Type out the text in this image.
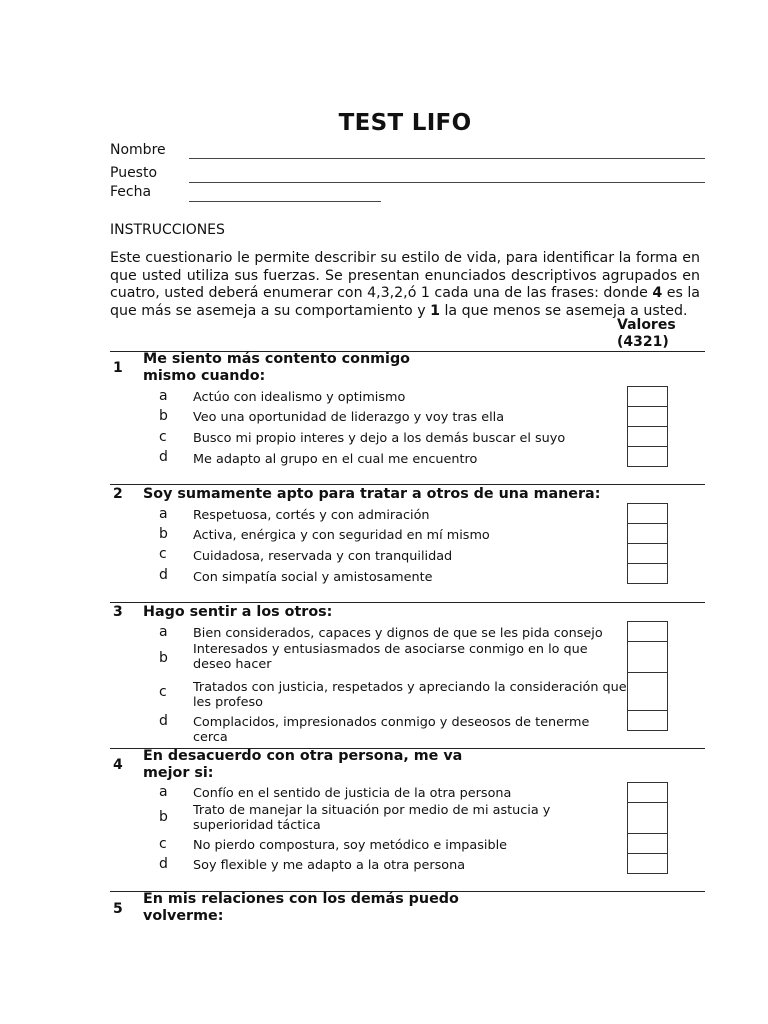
TEST LIFO
Nombre
Puesto
Fecha
INSTRUCCIONES
Este cuestionario le permite describir su estilo de vida, para identificar la forma en que usted utiliza sus fuerzas. Se presentan enunciados descriptivos agrupados en cuatro, usted deberá enumerar con 4,3,2,ó 1 cada una de las frases: donde 4 es la que más se asemeja a su comportamiento y 1 la que menos se asemeja a usted.
Valores
(4321)
1
Me siento más contento conmigo
mismo cuando:
a Actúo con idealismo y optimismo
b Veo una oportunidad de liderazgo y voy tras ella
c Busco mi propio interes y dejo a los demás buscar el suyo
d Me adapto al grupo en el cual me encuentro
2 Soy sumamente apto para tratar a otros de una manera:
a Respetuosa, cortés y con admiración
b Activa, enérgica y con seguridad en mí mismo
c Cuidadosa, reservada y con tranquilidad
d Con simpatía social y amistosamente
3 Hago sentir a los otros:
a Bien considerados, capaces y dignos de que se les pida consejo
b
Interesados y entusiasmados de asociarse conmigo en lo que deseo hacer
c Tratados con justicia, respetados y apreciando la consideración que les profeso
d Complacidos, impresionados conmigo y deseosos de tenerme cerca
4
En desacuerdo con otra persona, me va
mejor si:
a Confío en el sentido de justicia de la otra persona
b Trato de manejar la situación por medio de mi astucia y superioridad táctica
c No pierdo compostura, soy metódico e impasible
d Soy flexible y me adapto a la otra persona
5
En mis relaciones con los demás puedo
volverme:
